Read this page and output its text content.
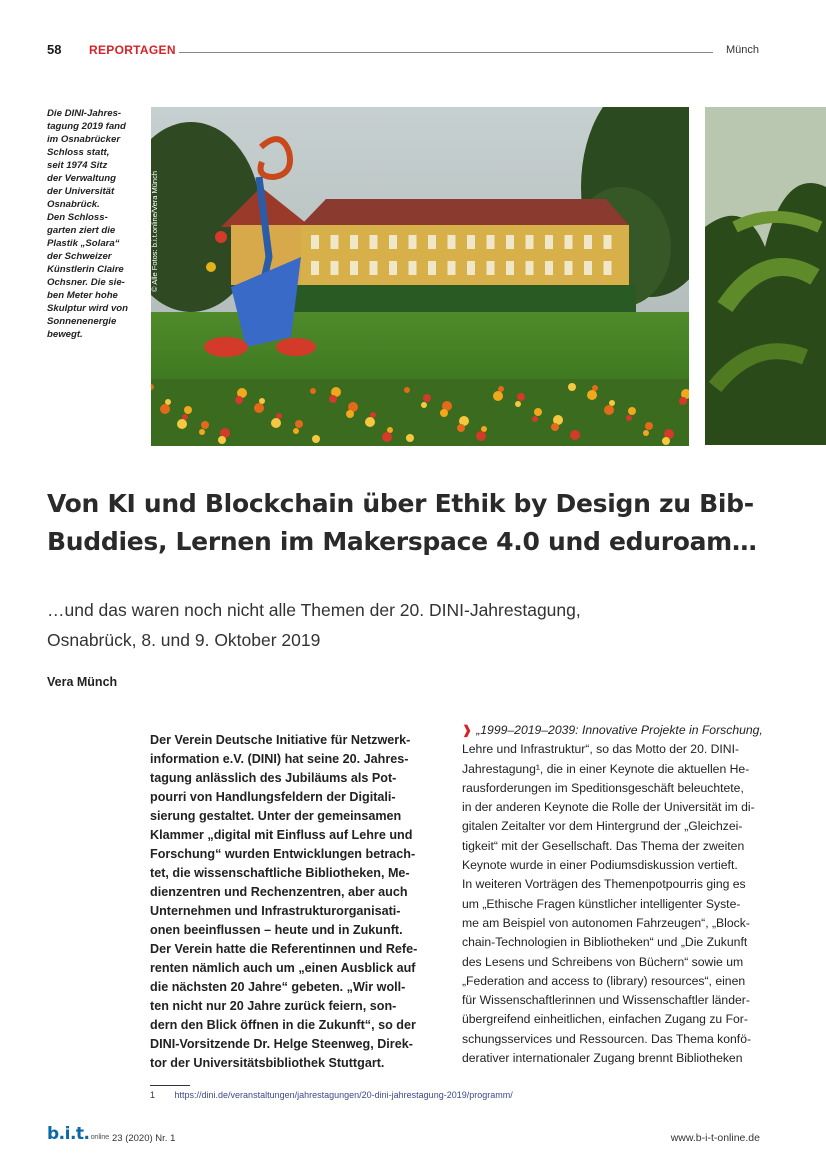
58 REPORTAGEN	Münch
Die DINI-Jahres-
tagung 2019 fand
im Osnabrücker
Schloss statt,
seit 1974 Sitz
der Verwaltung
der Universität
Osnabrück.
Den Schloss-
garten ziert die
Plastik „Solara“
der Schweizer
Künstlerin Claire
Ochsner. Die sie-
ben Meter hohe
Skulptur wird von
Sonnenenergie
bewegt.
© Alle Fotos: b.i.t.online/Vera Münch
Von KI und Blockchain über Ethik by Design zu Bib-
Buddies, Lernen im Makerspace 4.0 und eduroam…
…und das waren noch nicht alle Themen der 20. DINI-Jahrestagung,
Osnabrück, 8. und 9. Oktober 2019
Vera Münch
Der Verein Deutsche Initiative für Netzwerk-
information e.V. (DINI) hat seine 20. Jahres-
tagung anlässlich des Jubiläums als Pot-
pourri von Handlungsfeldern der Digitali-
sierung gestaltet. Unter der gemeinsamen
Klammer „digital mit Einfluss auf Lehre und
Forschung“ wurden Entwicklungen betrach-
tet, die wissenschaftliche Bibliotheken, Me-
dienzentren und Rechenzentren, aber auch
Unternehmen und Infrastrukturorganisati-
onen beeinflussen – heute und in Zukunft.
Der Verein hatte die Referentinnen und Refe-
renten nämlich auch um „einen Ausblick auf
die nächsten 20 Jahre“ gebeten. „Wir woll-
ten nicht nur 20 Jahre zurück feiern, son-
dern den Blick öffnen in die Zukunft“, so der
DINI-Vorsitzende Dr. Helge Steenweg, Direk-
tor der Universitätsbibliothek Stuttgart.
❱ „1999–2019–2039: Innovative Projekte in Forschung,
Lehre und Infrastruktur“, so das Motto der 20. DINI-
Jahrestagung¹, die in einer Keynote die aktuellen He-
rausforderungen im Speditionsgeschäft beleuchtete,
in der anderen Keynote die Rolle der Universität im di-
gitalen Zeitalter vor dem Hintergrund der „Gleichzei-
tigkeit“ mit der Gesellschaft. Das Thema der zweiten
Keynote wurde in einer Podiumsdiskussion vertieft.
In weiteren Vorträgen des Themenpotpourris ging es
um „Ethische Fragen künstlicher intelligenter Syste-
me am Beispiel von autonomen Fahrzeugen“, „Block-
chain-Technologien in Bibliotheken“ und „Die Zukunft
des Lesens und Schreibens von Büchern“ sowie um
„Federation and access to (library) resources“, einen
für Wissenschaftlerinnen und Wissenschaftler länder-
übergreifend einheitlichen, einfachen Zugang zu For-
schungsservices und Ressourcen. Das Thema konfö-
derativer internationaler Zugang brennt Bibliotheken
1 https://dini.de/veranstaltungen/jahrestagungen/20-dini-jahrestagung-2019/programm/
b.i.t.online 23 (2020) Nr. 1	www.b-i-t-online.de
